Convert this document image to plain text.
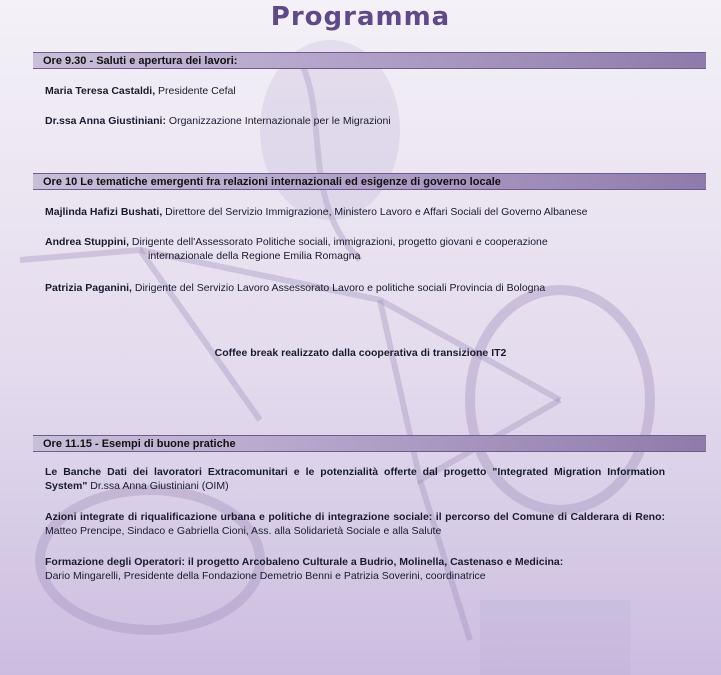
Programma
Ore 9.30 - Saluti e apertura dei lavori:
Maria Teresa Castaldi, Presidente Cefal
Dr.ssa Anna Giustiniani: Organizzazione Internazionale per le Migrazioni
Ore 10 Le tematiche emergenti fra relazioni internazionali ed esigenze di governo locale
Majlinda Hafizi Bushati, Direttore del Servizio Immigrazione, Ministero Lavoro e Affari Sociali del Governo Albanese
Andrea Stuppini, Dirigente dell'Assessorato Politiche sociali, immigrazioni, progetto giovani e cooperazione
internazionale della Regione Emilia Romagna
Patrizia Paganini, Dirigente del Servizio Lavoro Assessorato Lavoro e politiche sociali Provincia di Bologna
Coffee break realizzato dalla cooperativa di transizione IT2
Ore 11.15 - Esempi di buone pratiche
Le Banche Dati dei lavoratori Extracomunitari e le potenzialità offerte dal progetto "Integrated Migration Information System" Dr.ssa Anna Giustiniani (OIM)
Azioni integrate di riqualificazione urbana e politiche di integrazione sociale: il percorso del Comune di Calderara di Reno: Matteo Prencipe, Sindaco e Gabriella Cioni, Ass. alla Solidarietà Sociale e alla Salute
Formazione degli Operatori: il progetto Arcobaleno Culturale a Budrio, Molinella, Castenaso e Medicina:
Dario Mingarelli, Presidente della Fondazione Demetrio Benni e Patrizia Soverini, coordinatrice
